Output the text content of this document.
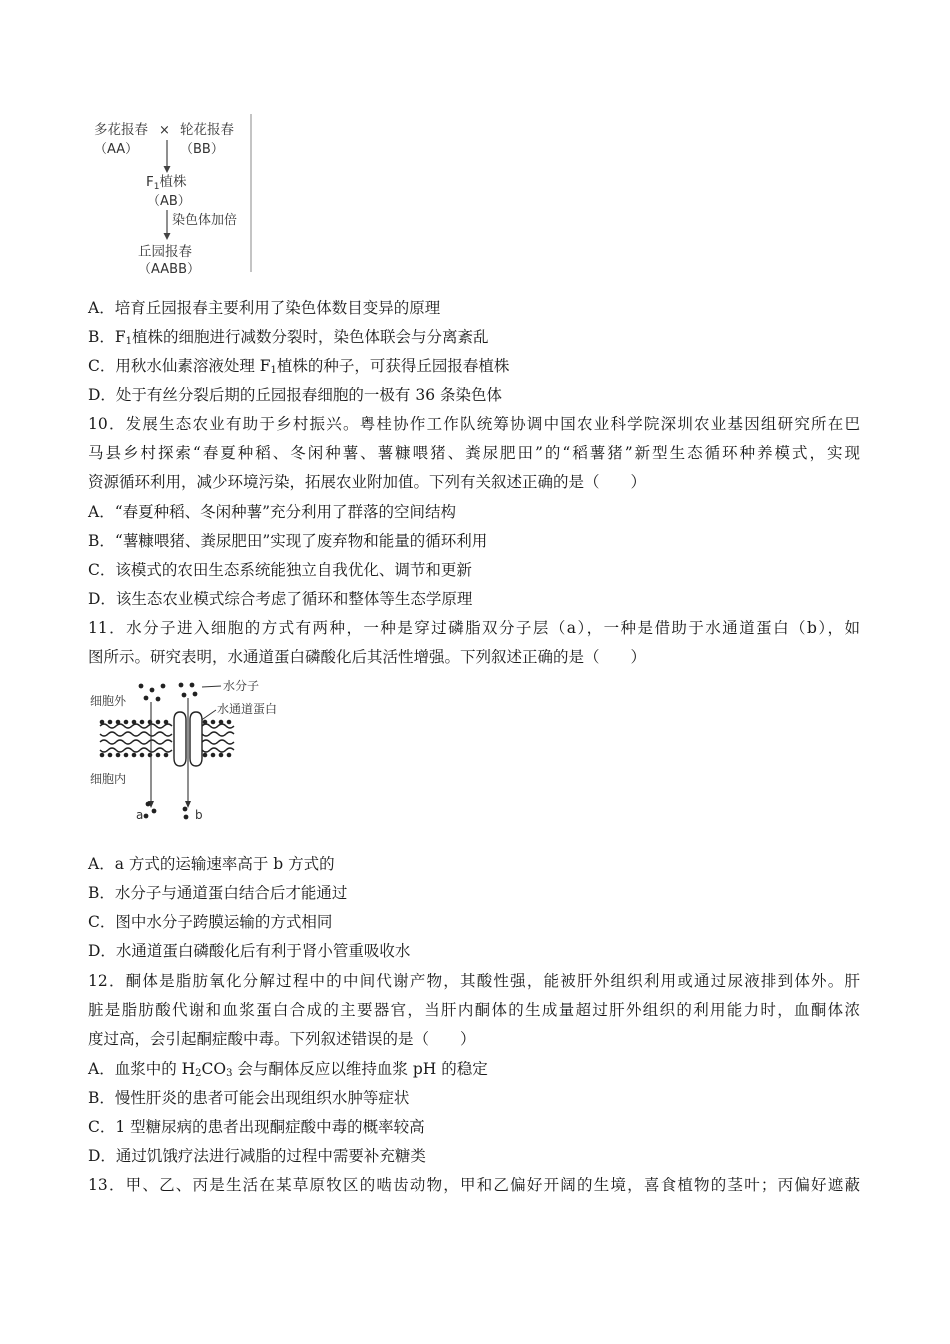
多花报春 × 轮花报春
（AA）	（BB）
$F_1$植株
（AB）
染色体加倍
丘园报春
（AABB）
A．培育丘园报春主要利用了染色体数目变异的原理
B．$F_1$植株的细胞进行减数分裂时，染色体联会与分离紊乱
C．用秋水仙素溶液处理 $F_1$植株的种子，可获得丘园报春植株
D．处于有丝分裂后期的丘园报春细胞的一极有 36 条染色体
10．发展生态农业有助于乡村振兴。粤桂协作工作队统筹协调中国农业科学院深圳农业基因组研究所在巴
马县乡村探索“春夏种稻、冬闲种薯、薯糠喂猪、粪尿肥田”的“稻薯猪”新型生态循环种养模式，实现
资源循环利用，减少环境污染，拓展农业附加值。下列有关叙述正确的是（　　）
A．“春夏种稻、冬闲种薯”充分利用了群落的空间结构
B．“薯糠喂猪、粪尿肥田”实现了废弃物和能量的循环利用
C．该模式的农田生态系统能独立自我优化、调节和更新
D．该生态农业模式综合考虑了循环和整体等生态学原理
11．水分子进入细胞的方式有两种，一种是穿过磷脂双分子层（a），一种是借助于水通道蛋白（b），如
图所示。研究表明，水通道蛋白磷酸化后其活性增强。下列叙述正确的是（　　）
细胞外
细胞内
水分子
水通道蛋白
a	b
A．a 方式的运输速率高于 b 方式的
B．水分子与通道蛋白结合后才能通过
C．图中水分子跨膜运输的方式相同
D．水通道蛋白磷酸化后有利于肾小管重吸收水
12．酮体是脂肪氧化分解过程中的中间代谢产物，其酸性强，能被肝外组织利用或通过尿液排到体外。肝
脏是脂肪酸代谢和血浆蛋白合成的主要器官，当肝内酮体的生成量超过肝外组织的利用能力时，血酮体浓
度过高，会引起酮症酸中毒。下列叙述错误的是（　　）
A．血浆中的 $H_2CO_3$ 会与酮体反应以维持血浆 pH 的稳定
B．慢性肝炎的患者可能会出现组织水肿等症状
C．1 型糖尿病的患者出现酮症酸中毒的概率较高
D．通过饥饿疗法进行减脂的过程中需要补充糖类
13．甲、乙、丙是生活在某草原牧区的啮齿动物，甲和乙偏好开阔的生境，喜食植物的茎叶；丙偏好遮蔽
